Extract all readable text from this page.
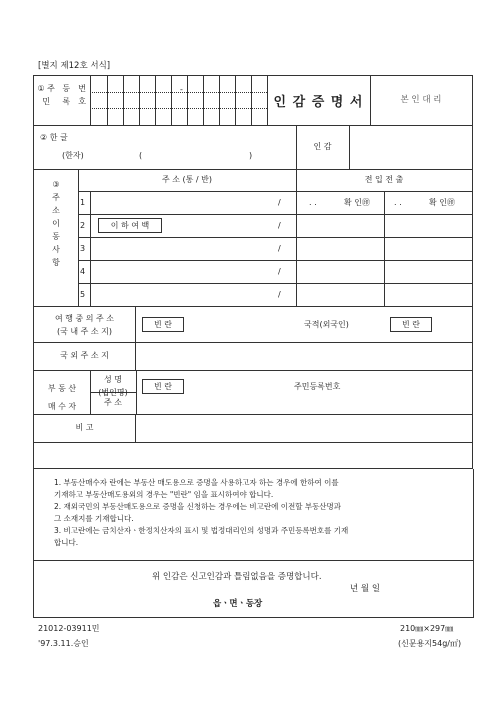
[별지 제12호 서식]
① 주 민

등 록

번 호
-
인 감 증 명 서	본 인 대 리
② 한 글
(한자)	(	)
인 감
③
주
소
이
동
사
항
주 소 (통 / 반)	전 입 전 출
1	/	. .	확 인㊞	. .	확 인㊞
2	이 하 여 백	/
3	/
4	/
5	/
여 행 중 의 주 소
(국 내 주 소 지)
빈 란	국적(외국인)	빈 란
국 외 주 소 지
부 동 산
매 수 자
성 명
(법인명)
빈 란	주민등록번호
주 소
비 고
1. 부동산매수자 란에는 부동산 매도용으로 증명을 사용하고자 하는 경우에 한하여 이를
기재하고 부동산매도용외의 경우는 "빈란" 임을 표시하여야 합니다.
2. 재외국민의 부동산매도용으로 증명을 신청하는 경우에는 비고란에 이전할 부동산명과
그 소재지를 기재합니다.
3. 비고란에는 금치산자ㆍ한정치산자의 표시 및 법정대리인의 성명과 주민등록번호를 기재
합니다.
위 인감은 신고인감과 틀림없음을 증명합니다.
년 월 일
읍ㆍ면ㆍ동장
21012-03911민
'97.3.11.승인
210㎜×297㎜
(신문용지54g/㎡)
